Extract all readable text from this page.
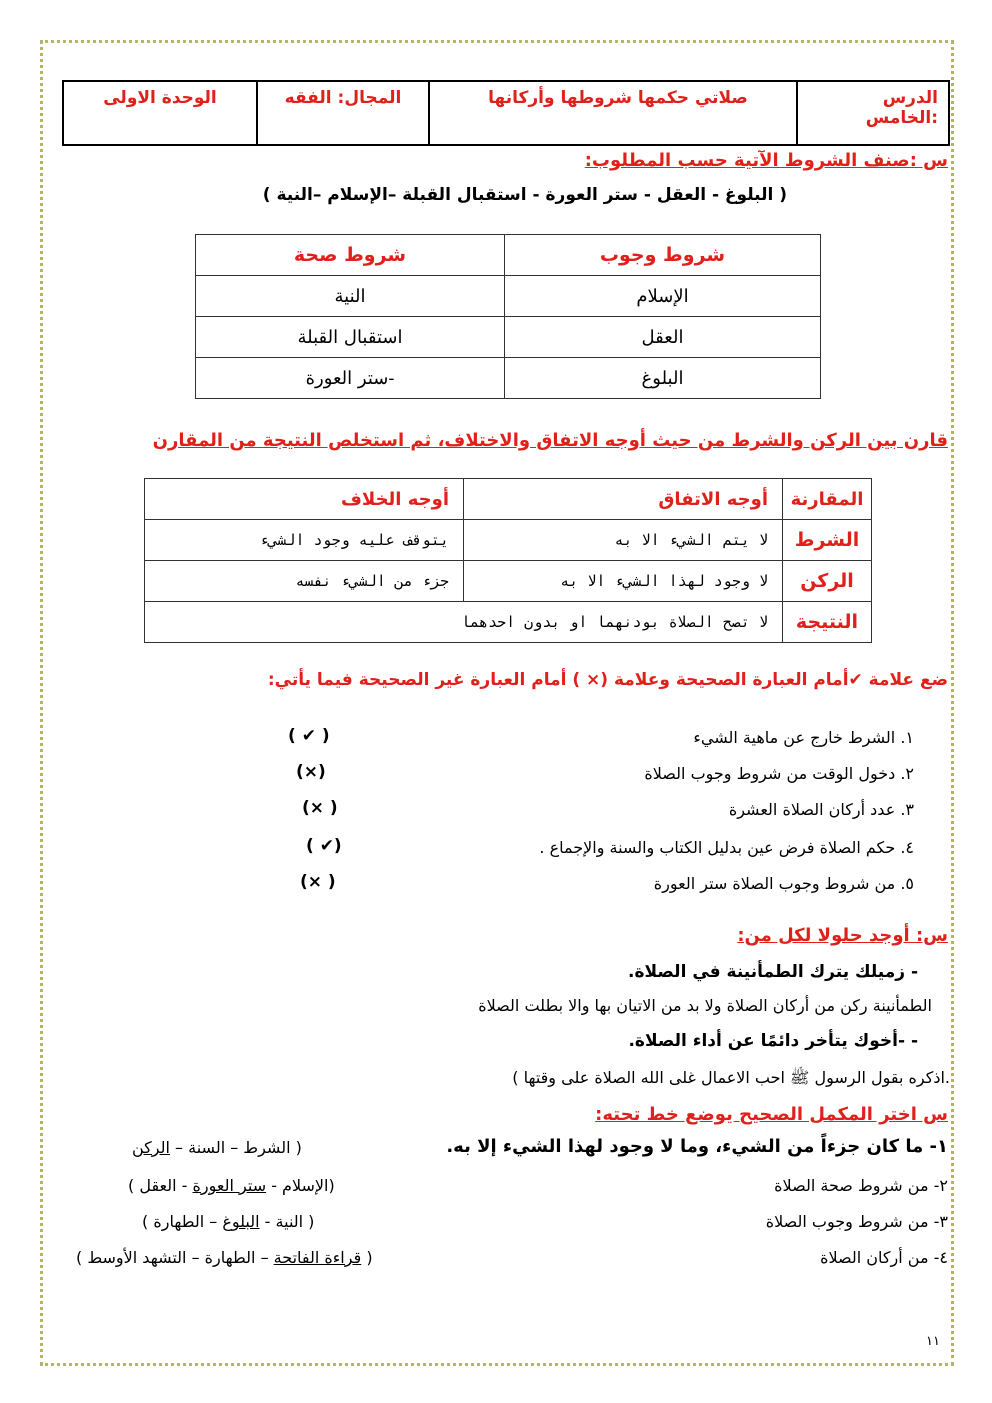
الدرس :الخامس	صلاتي حكمها شروطها وأركانها	المجال: الفقه	الوحدة الاولى
س :صنف الشروط الآتية حسب المطلوب:
( البلوغ - العقل - ستر العورة - استقبال القبلة –الإسلام –النية )
شروط وجوب	شروط صحة
الإسلام	النية
العقل	استقبال القبلة
البلوغ	-ستر العورة
قارن بين الركن والشرط من حيث أوجه الاتفاق والاختلاف، ثم استخلص النتيجة من المقارن
المقارنة	أوجه الاتفاق	أوجه الخلاف
الشرط	لا يتم الشيء الا به	يتوقف عليه وجود الشيء
الركن	لا وجود لهذا الشيء الا به	جزء من الشيء نفسه
النتيجة	لا تصح الصلاة بودنهما او بدون احدهما	
ضع علامة ✔أمام العبارة الصحيحة وعلامة (× ) أمام العبارة غير الصحيحة فيما يأتي:
١. الشرط خارج عن ماهية الشيء
( ✔ )
٢. دخول الوقت من شروط وجوب الصلاة
(×)
٣. عدد أركان الصلاة العشرة
(× )
٤. حكم الصلاة فرض عين بدليل الكتاب والسنة والإجماع .
( ✔)
٥. من شروط وجوب الصلاة ستر العورة
(× )
س: أوجد حلولا لكل من:
- زميلك يترك الطمأنينة في الصلاة.
الطمأنينة ركن من أركان الصلاة ولا بد من الاتيان بها والا بطلت الصلاة
- -أخوك يتأخر دائمًا عن أداء الصلاة.
.اذكره بقول الرسول ﷺ احب الاعمال غلى الله الصلاة على وقتها )
س اختر المكمل الصحيح يوضع خط تحته:
١- ما كان جزءاً من الشيء، وما لا وجود لهذا الشيء إلا به.
( الشرط – السنة – الركن
٢- من شروط صحة الصلاة
(الإسلام - ستر العورة - العقل )
٣- من شروط وجوب الصلاة
( النية - البلوغ – الطهارة )
٤- من أركان الصلاة
( قراءة الفاتحة – الطهارة – التشهد الأوسط )
١١
